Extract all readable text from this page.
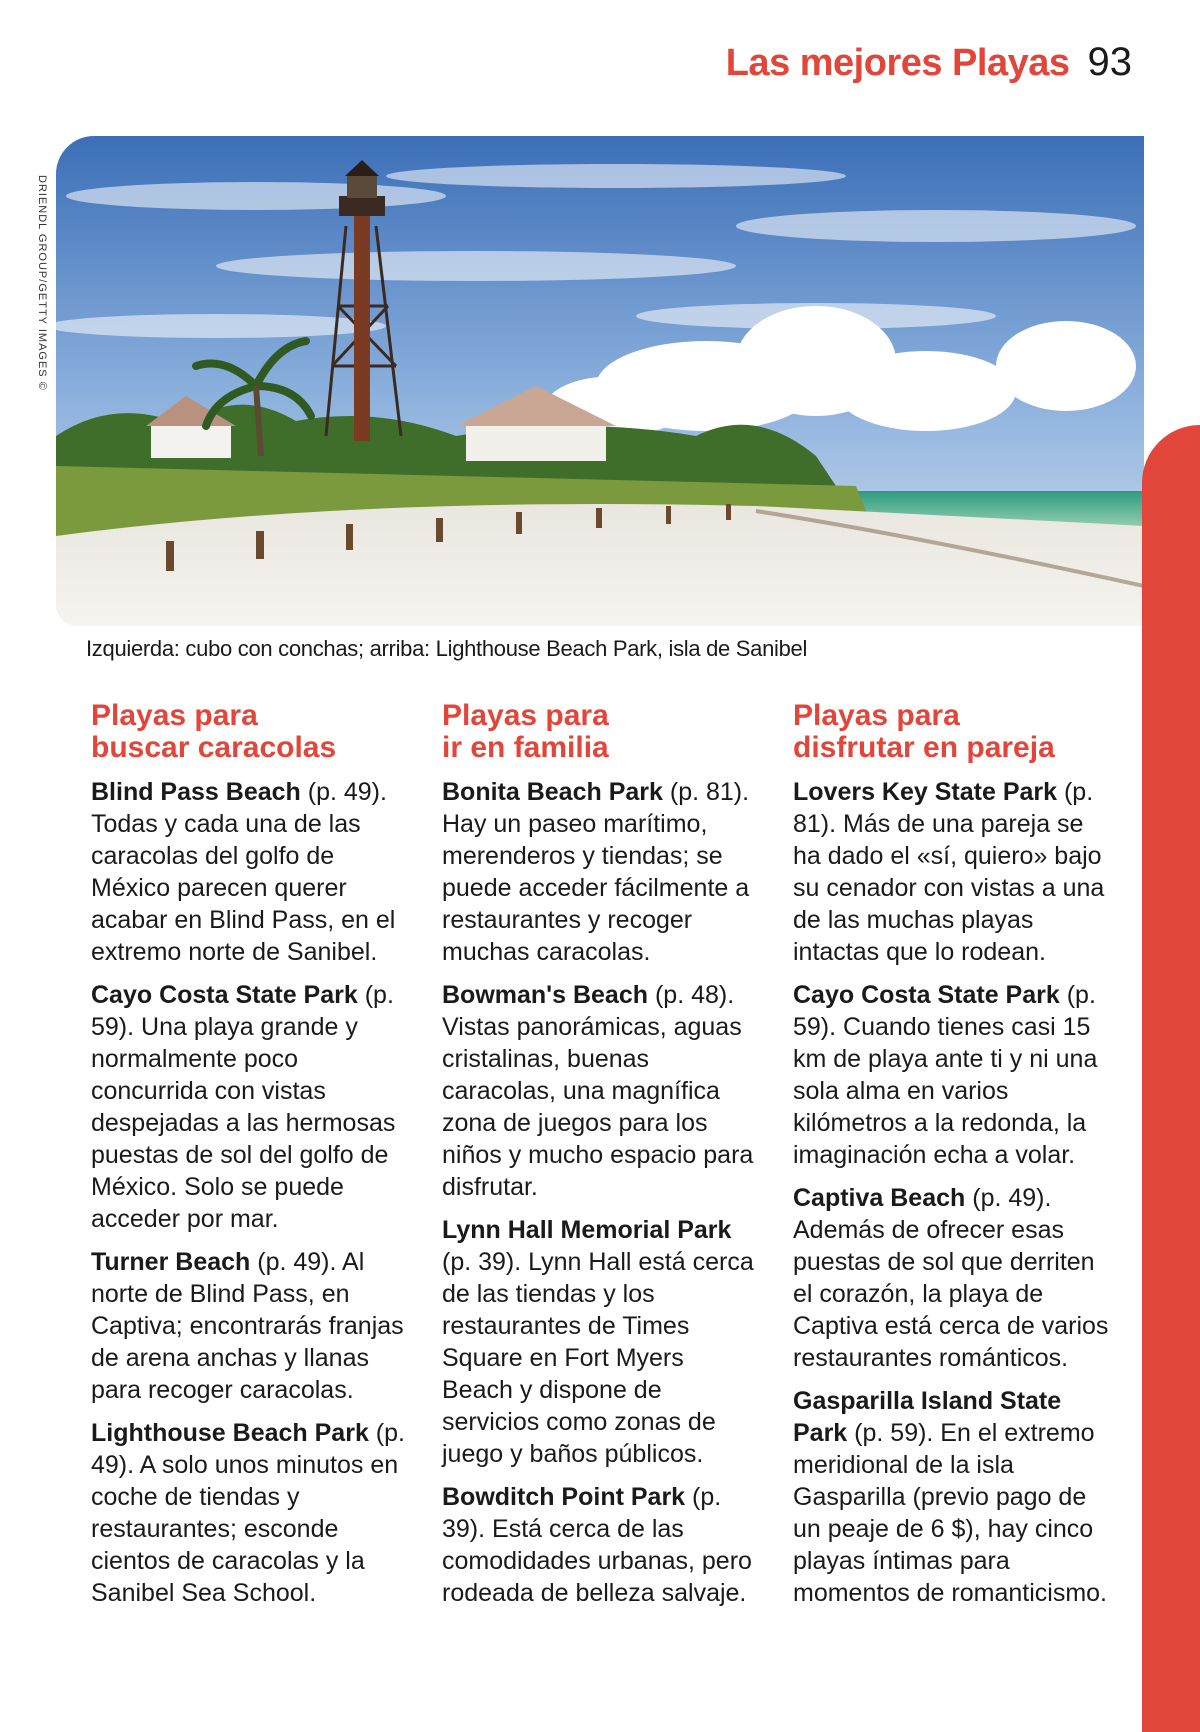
Las mejores Playas 93
DRIENDL GROUP/GETTY IMAGES ©
Izquierda: cubo con conchas; arriba: Lighthouse Beach Park, isla de Sanibel
Playas para
buscar caracolas

Blind Pass Beach (p. 49). Todas y cada una de las caracolas del golfo de México parecen querer acabar en Blind Pass, en el extremo norte de Sanibel.

Cayo Costa State Park (p. 59). Una playa grande y normalmente poco concurrida con vistas despejadas a las hermosas puestas de sol del golfo de México. Solo se puede acceder por mar.

Turner Beach (p. 49). Al norte de Blind Pass, en Captiva; encontrarás franjas de arena anchas y llanas para recoger caracolas.

Lighthouse Beach Park (p. 49). A solo unos minutos en coche de tiendas y restaurantes; esconde cientos de caracolas y la Sanibel Sea School.

Playas para
ir en familia

Bonita Beach Park (p. 81). Hay un paseo marítimo, merenderos y tiendas; se puede acceder fácilmente a restaurantes y recoger muchas caracolas.

Bowman's Beach (p. 48). Vistas panorámicas, aguas cristalinas, buenas caracolas, una magnífica zona de juegos para los niños y mucho espacio para disfrutar.

Lynn Hall Memorial Park (p. 39). Lynn Hall está cerca de las tiendas y los restaurantes de Times Square en Fort Myers Beach y dispone de servicios como zonas de juego y baños públicos.

Bowditch Point Park (p. 39). Está cerca de las comodidades urbanas, pero rodeada de belleza salvaje.

Playas para
disfrutar en pareja

Lovers Key State Park (p. 81). Más de una pareja se ha dado el «sí, quiero» bajo su cenador con vistas a una de las muchas playas intactas que lo rodean.

Cayo Costa State Park (p. 59). Cuando tienes casi 15 km de playa ante ti y ni una sola alma en varios kilómetros a la redonda, la imaginación echa a volar.

Captiva Beach (p. 49). Además de ofrecer esas puestas de sol que derriten el corazón, la playa de Captiva está cerca de varios restaurantes románticos.

Gasparilla Island State Park (p. 59). En el extremo meridional de la isla Gasparilla (previo pago de un peaje de 6 $), hay cinco playas íntimas para momentos de romanticismo.
